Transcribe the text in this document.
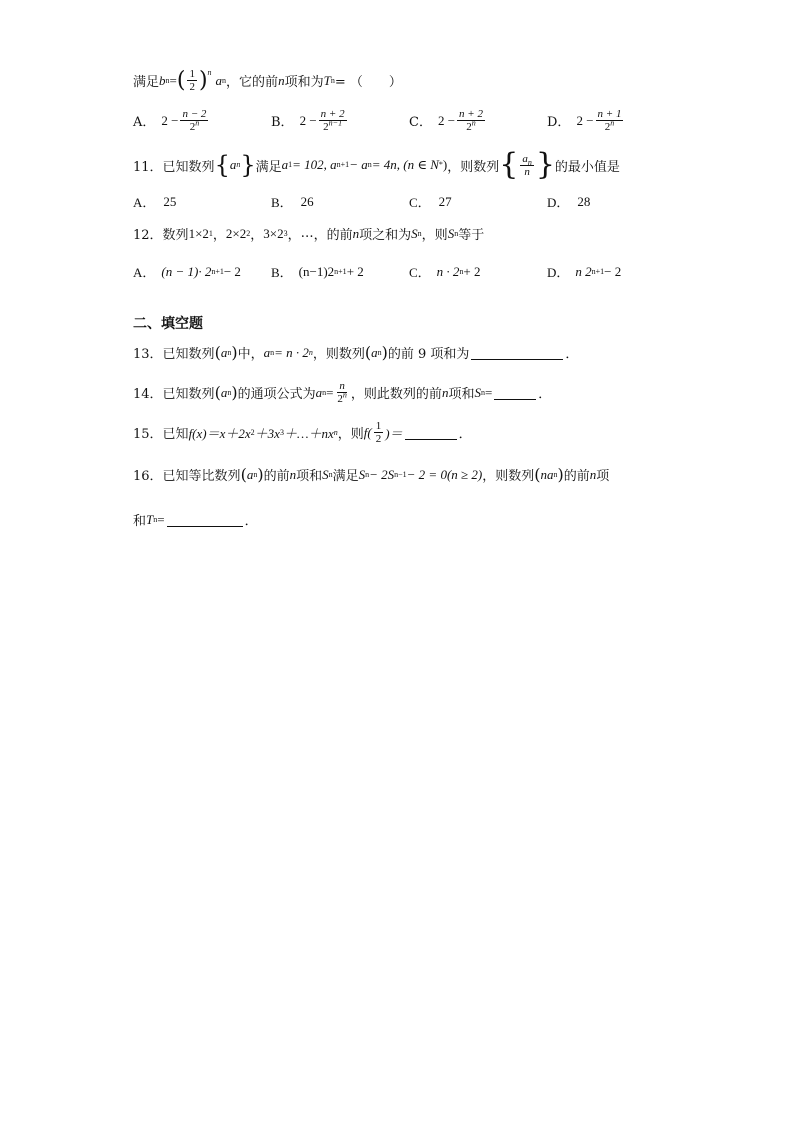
满足 b n = ( $\frac{1}{2} )^n$
a n ，它的前 n 项和为 T n = （　　）
A． $2 - \frac{n - 2}{2^n}$	B． $2 - \frac{n + 2}{2^{n-1}}$	C． $2 - \frac{n + 2}{2^n}$	D． $2 - \frac{n + 1}{2^n}$
11． 已知数列 { a n } 满足 a 1 = 102, a n+1 − a n = 4n, (n ∈ N * ) ，则数列 { $\frac{a_n}{n}$ } 的最小值是
A． 25	B． 26	C． 27	D． 28
12． 数列 1×2 1 ， 2×2 2 ， 3×2 3 ， … ，的前 n 项之和为 S n ，则 S n 等于
A． (n − 1)· 2 n+1 − 2 B． (n−1)2 n+1 + 2	C． n · 2 n + 2	D． n 2 n+1 − 2
二、填空题
13． 已知数列 ( a n ) 中， a n = n · 2 n ，则数列 ( a n ) 的前 9 项和为	．
14． 已知数列 ( a n ) 的通项公式为 a $n = \frac{n}{2^n}$ ，则此数列的前 n 项和 S n =	．
15． 已知 f(x)＝x＋2x 2 ＋3x 3 ＋…＋nx n ，则 $f( \frac{1}{2}$ )＝	．
16． 已知等比数列 ( a n ) 的前 n 项和 S n 满足 S n − 2S n−1 − 2 = 0(n ≥ 2) ，则数列 ( na n ) 的前 n 项
和 T n =	．
